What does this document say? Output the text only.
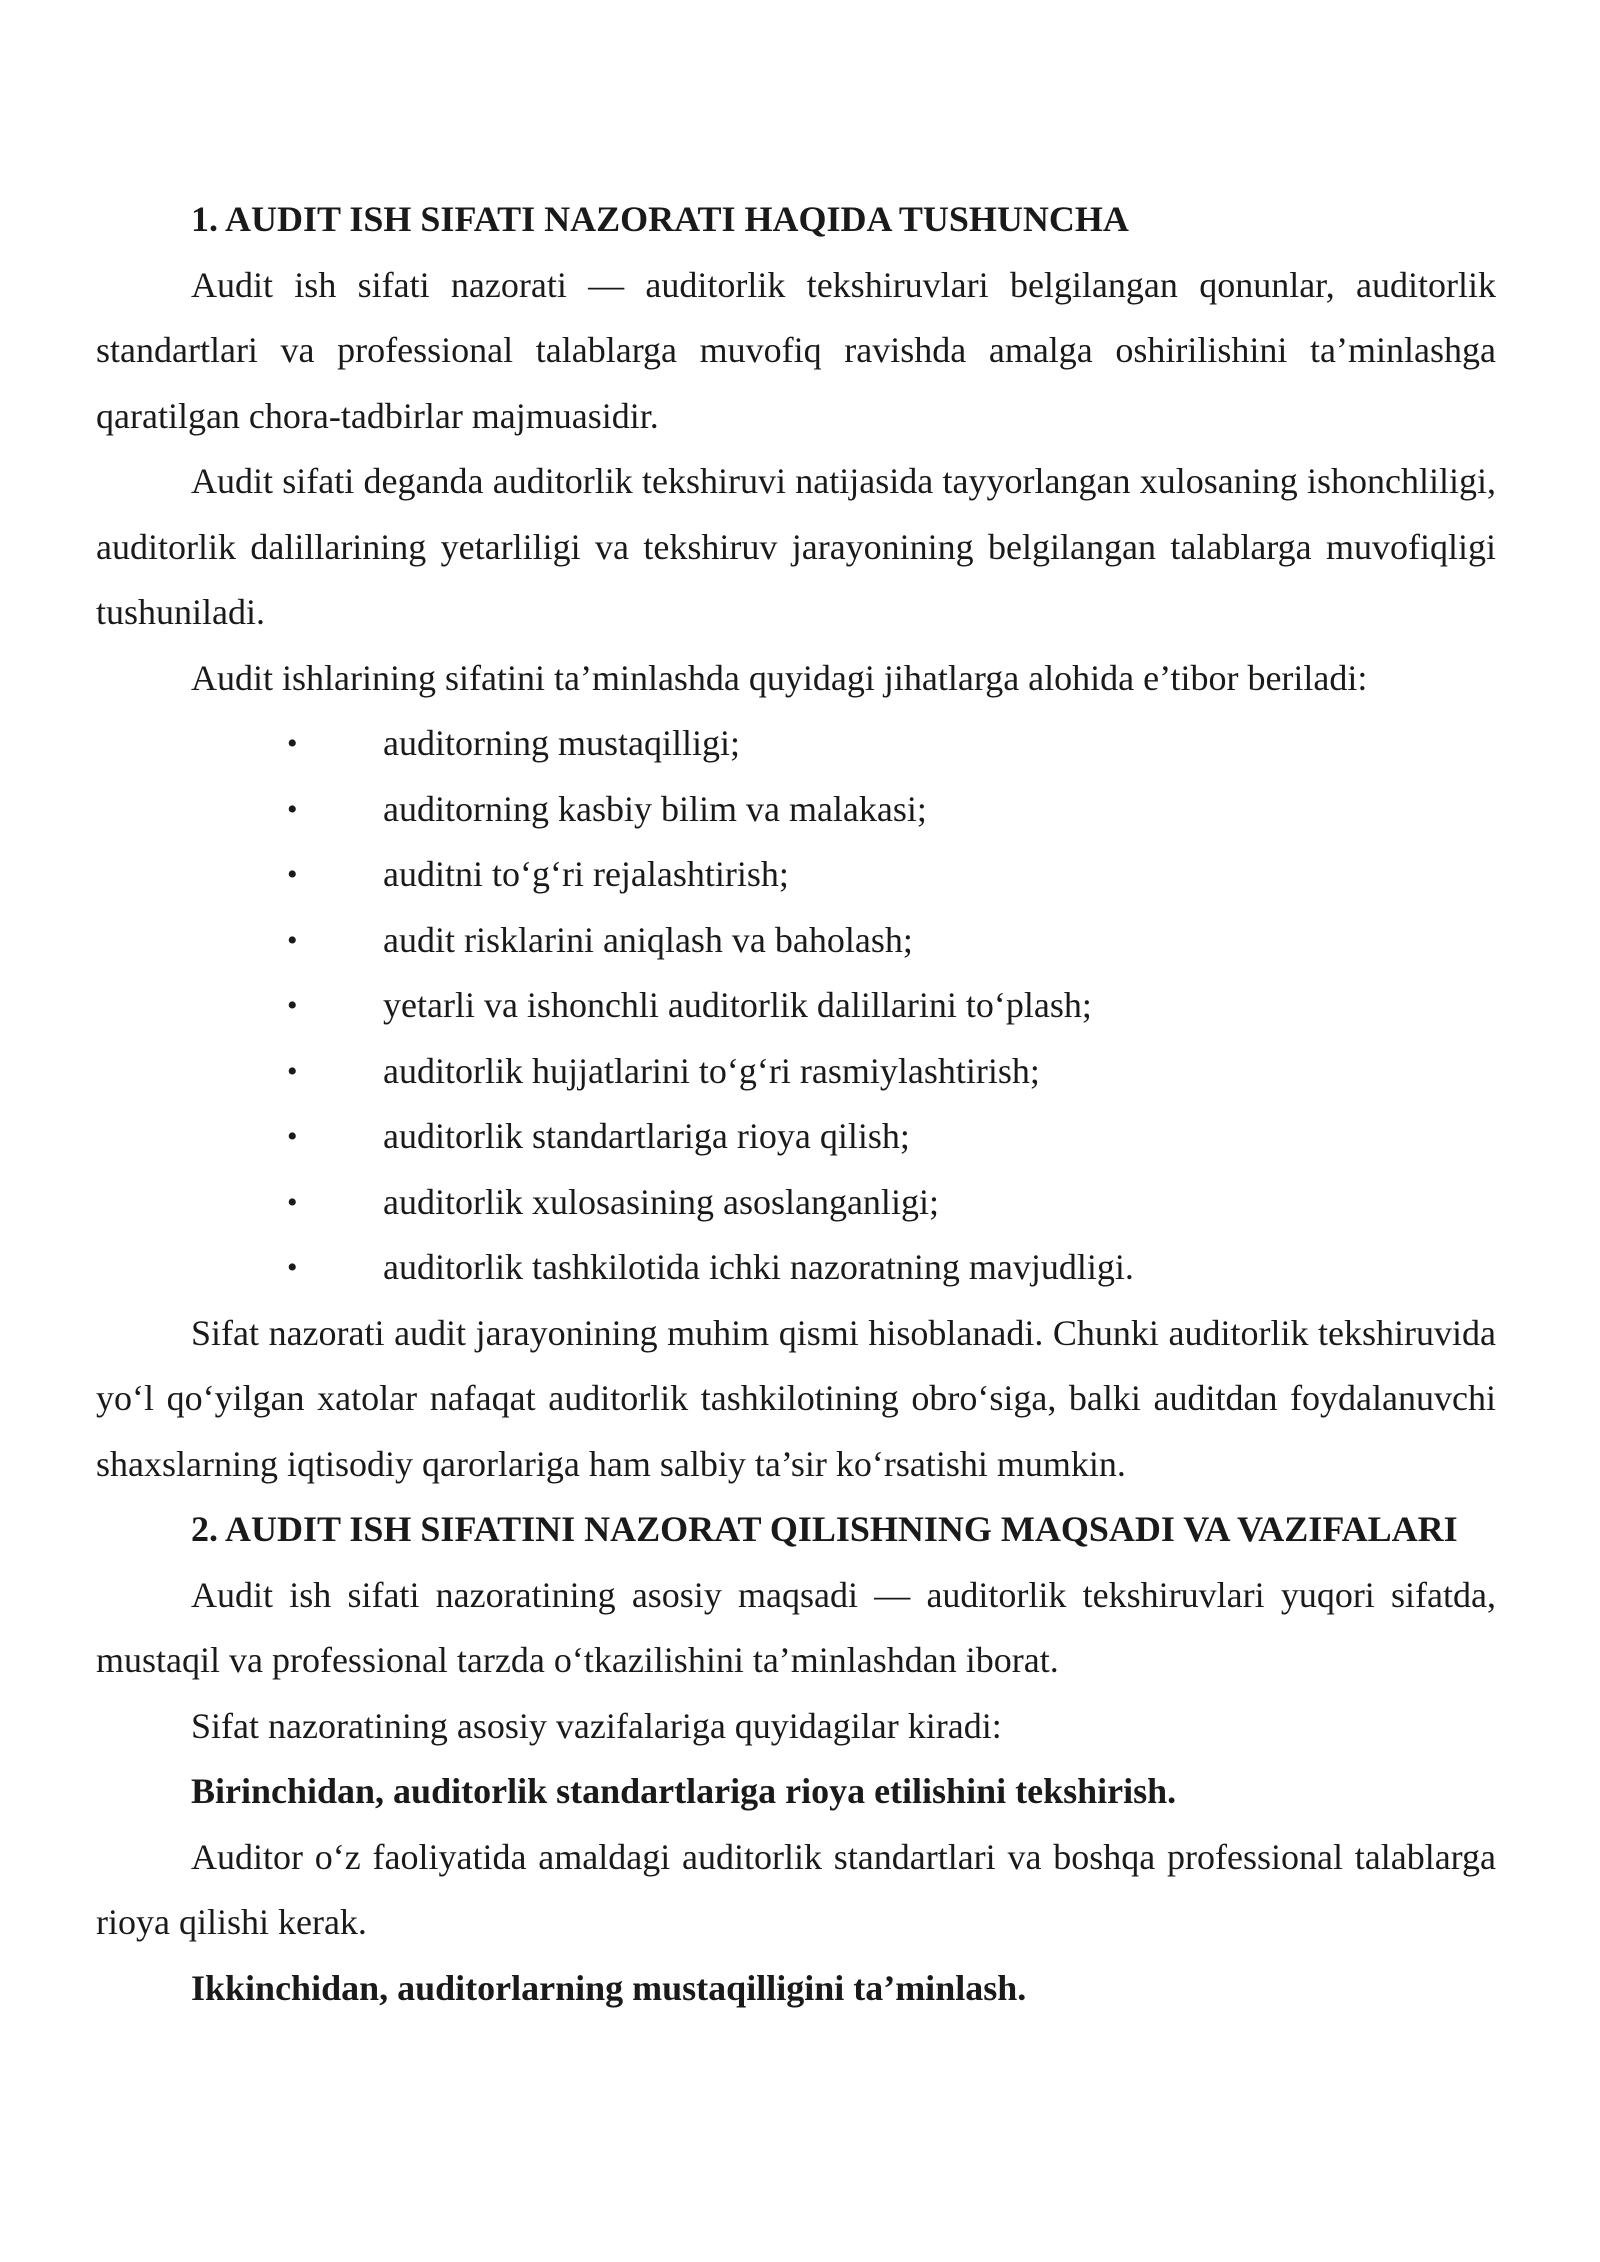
1. AUDIT ISH SIFATI NAZORATI HAQIDA TUSHUNCHA

Audit ish sifati nazorati — auditorlik tekshiruvlari belgilangan qonunlar, auditorlik standartlari va professional talablarga muvofiq ravishda amalga oshirilishini ta’minlashga qaratilgan chora-tadbirlar majmuasidir.

Audit sifati deganda auditorlik tekshiruvi natijasida tayyorlangan xulosaning ishonchliligi, auditorlik dalillarining yetarliligi va tekshiruv jarayonining belgilangan talablarga muvofiqligi tushuniladi.

Audit ishlarining sifatini ta’minlashda quyidagi jihatlarga alohida e’tibor beriladi:

• auditorning mustaqilligi;
• auditorning kasbiy bilim va malakasi;
• auditni to‘g‘ri rejalashtirish;
• audit risklarini aniqlash va baholash;
• yetarli va ishonchli auditorlik dalillarini to‘plash;
• auditorlik hujjatlarini to‘g‘ri rasmiylashtirish;
• auditorlik standartlariga rioya qilish;
• auditorlik xulosasining asoslanganligi;
• auditorlik tashkilotida ichki nazoratning mavjudligi.

Sifat nazorati audit jarayonining muhim qismi hisoblanadi. Chunki auditorlik tekshiruvida yo‘l qo‘yilgan xatolar nafaqat auditorlik tashkilotining obro‘siga, balki auditdan foydalanuvchi shaxslarning iqtisodiy qarorlariga ham salbiy ta’sir ko‘rsatishi mumkin.

2. AUDIT ISH SIFATINI NAZORAT QILISHNING MAQSADI VA VAZIFALARI

Audit ish sifati nazoratining asosiy maqsadi — auditorlik tekshiruvlari yuqori sifatda, mustaqil va professional tarzda o‘tkazilishini ta’minlashdan iborat.

Sifat nazoratining asosiy vazifalariga quyidagilar kiradi:

Birinchidan, auditorlik standartlariga rioya etilishini tekshirish.

Auditor o‘z faoliyatida amaldagi auditorlik standartlari va boshqa professional talablarga rioya qilishi kerak.

Ikkinchidan, auditorlarning mustaqilligini ta’minlash.
